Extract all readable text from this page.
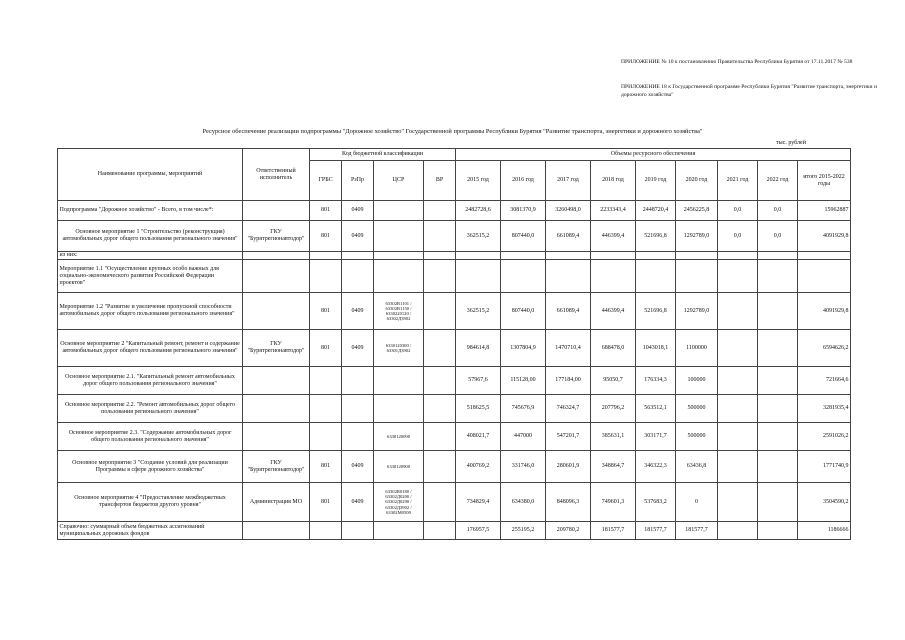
ПРИЛОЖЕНИЕ № 10 к постановлению Правительства Республики Бурятия от 17.11.2017 № 538
ПРИЛОЖЕНИЕ 18 к Государственной программе Республики Бурятия "Развитие транспорта, энергетики и дорожного хозяйства"
Ресурсное обеспечение реализации подпрограммы "Дорожное хозяйство" Государственной программы Республики Бурятия "Развитие транспорта, энергетики и дорожного хозяйства"
тыс. рублей
Наименование программы, мероприятий	Ответственный исполнитель	Код бюджетной классификации				Объемы ресурсного обеспечения								
		ГРБС	РзПр	ЦСР	ВР	2015 год	2016 год	2017 год	2018 год	2019 год	2020 год	2021 год	2022 год	итого 2015-2022 годы
Подпрограмма "Дорожное хозяйство" - Всего, в том числе*:		801	0409			2482728,6	3081370,9	3260498,0	2233343,4	2448720,4	2456225,8	0,0	0,0	15962887
Основное мероприятие 1 "Строительство (реконструкция) автомобильных дорог общего пользования регионального значения"	ГКУ "Бурятрегионавтодор"	801	0409			362515,2	807440,0	661089,4	446399,4	521696,8	1292789,0	0,0	0,0	4091929,8
из них:														
Мероприятие 1.1 "Осуществление крупных особо важных для социально-экономического развития Российской Федерации проектов"														
Мероприятие 1.2 "Развитие и увеличение пропускной способности автомобильных дорог общего пользования регионального значения"		801	0409	63302R1101 / 63302R1150 / 6330220120 / 63302Д3902		362515,2	807440,0	661089,4	446399,4	521696,8	1292789,0			4091929,8
Основное мероприятие 2 "Капитальный ремонт, ремонт и содержание автомобильных дорог общего пользования регионального значения"	ГКУ "Бурятрегионавтодор"	801	0409	6330120300 / 63301Д3902		984614,8	1307804,9	1470710,4	688478,0	1043018,1	1100000			6594626,2
Основное мероприятие 2.1. "Капитальный ремонт автомобильных дорог общего пользования регионального значения"						57967,6	115128,00	177184,00	95050,7	176334,3	100000			721664,6
Основное мероприятие 2.2. "Ремонт автомобильных дорог общего пользования регионального значения"						518625,5	745676,9	746324,7	207796,2	563512,1	500000			3281935,4
Основное мероприятие 2.3. "Содержание автомобильных дорог общего пользования регионального значения"				6330120090		408021,7	447000	547201,7	385631,1	303171,7	500000			2591026,2
Основное мероприятие 3 "Создание условий для реализации Программы в сфере дорожного хозяйства"	ГКУ "Бурятрегионавтодор"	801	0409	6330120900		400769,2	331746,0	280601,9	348864,7	346322,3	63436,8			1771740,9
Основное мероприятие 4 "Предоставление межбюджетных трансфертов бюджетов другого уровня"	Администрация МО	801	0409	63302R0180 / 63302Д0200 / 63302Д0290 / 63302Д3902 / 63302М0500		734829,4	634380,0	848096,3	749601,3	537683,2	0			3504590,2
Справочно: суммарный объем бюджетных ассигнований муниципальных дорожных фондов						176957,5	255195,2	209780,2	181577,7	181577,7	181577,7			1186666
